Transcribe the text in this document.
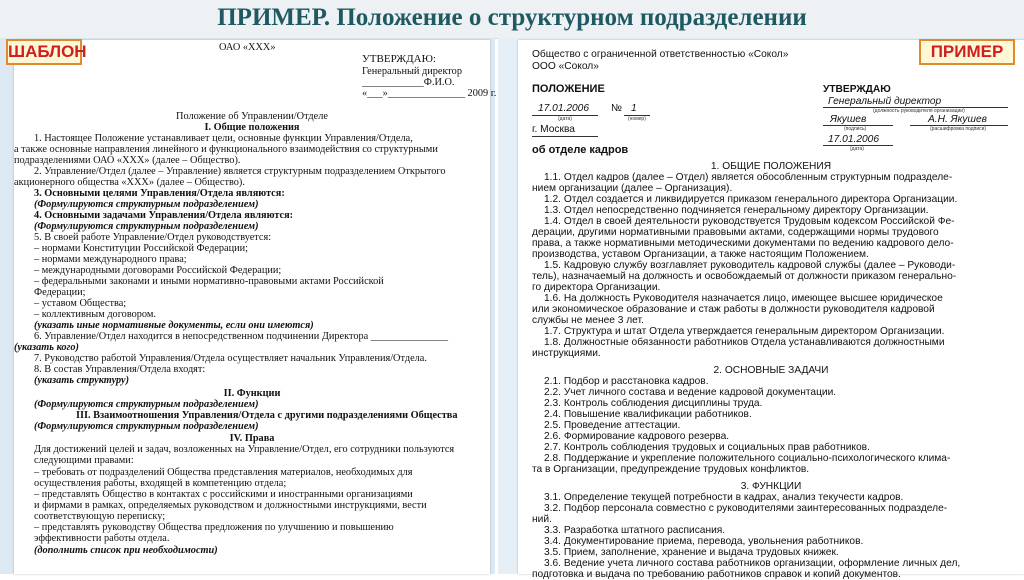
ПРИМЕР. Положение о структурном подразделении
ОАО «ХХХ»
УТВЕРЖДАЮ:
Генеральный директор
____________Ф.И.О.
«___»_______________ 2009 г.
Положение об Управлении/Отделе
I. Общие положения
1. Настоящее Положение устанавливает цели, основные функции Управления/Отдела,
а также основные направления линейного и функционального взаимодействия со структурными
подразделениями ОАО «ХХХ» (далее – Общество).
2. Управление/Отдел (далее – Управление) является структурным подразделением Открытого
акционерного общества «ХХХ» (далее – Общество).
3. Основными целями Управления/Отдела являются:
(Формулируются структурным подразделением)
4. Основными задачами Управления/Отдела являются:
(Формулируются структурным подразделением)
5. В своей работе Управление/Отдел руководствуется:
– нормами Конституции Российской Федерации;
– нормами международного права;
– международными договорами Российской Федерации;
– федеральными законами и иными нормативно-правовыми актами Российской
Федерации;
– уставом Общества;
– коллективным договором.
(указать иные нормативные документы, если они имеются)
6. Управление/Отдел находится в непосредственном подчинении Директора _______________
(указать кого)
7. Руководство работой Управления/Отдела осуществляет начальник Управления/Отдела.
8. В состав Управления/Отдела входят:
(указать структуру)
II. Функции
(Формулируются структурным подразделением)
III. Взаимоотношения Управления/Отдела с другими подразделениями Общества
(Формулируются структурным подразделением)
IV. Права
Для достижений целей и задач, возложенных на Управление/Отдел, его сотрудники пользуются
следующими правами:
– требовать от подразделений Общества представления материалов, необходимых для
осуществления работы, входящей в компетенцию отдела;
– представлять Общество в контактах с российскими и иностранными организациями
и фирмами в рамках, определяемых руководством и должностными инструкциями, вести
соответствующую переписку;
– представлять руководству Общества предложения по улучшению и повышению
эффективности работы отдела.
(дополнить список при необходимости)
Общество с ограниченной ответственностью «Сокол»
ООО «Сокол»
ПОЛОЖЕНИЕ
17.01.2006
(дата)
№ 1
(номер)
г. Москва
об отделе кадров
УТВЕРЖДАЮ
Генеральный директор
(должность руководителя организации)
Якушев
(подпись)
А.Н. Якушев
(расшифровка подписи)
17.01.2006
(дата)
1. ОБЩИЕ ПОЛОЖЕНИЯ
1.1. Отдел кадров (далее – Отдел) является обособленным структурным подразделе-
нием организации (далее – Организация).
1.2. Отдел создается и ликвидируется приказом генерального директора Организации.
1.3. Отдел непосредственно подчиняется генеральному директору Организации.
1.4. Отдел в своей деятельности руководствуется Трудовым кодексом Российской Фе-
дерации, другими нормативными правовыми актами, содержащими нормы трудового
права, а также нормативными методическими документами по ведению кадрового дело-
производства, уставом Организации, а также настоящим Положением.
1.5. Кадровую службу возглавляет руководитель кадровой службы (далее – Руководи-
тель), назначаемый на должность и освобождаемый от должности приказом генерально-
го директора Организации.
1.6. На должность Руководителя назначается лицо, имеющее высшее юридическое
или экономическое образование и стаж работы в должности руководителя кадровой
службы не менее 3 лет.
1.7. Структура и штат Отдела утверждается генеральным директором Организации.
1.8. Должностные обязанности работников Отдела устанавливаются должностными
инструкциями.
2. ОСНОВНЫЕ ЗАДАЧИ
2.1. Подбор и расстановка кадров.
2.2. Учет личного состава и ведение кадровой документации.
2.3. Контроль соблюдения дисциплины труда.
2.4. Повышение квалификации работников.
2.5. Проведение аттестации.
2.6. Формирование кадрового резерва.
2.7. Контроль соблюдения трудовых и социальных прав работников.
2.8. Поддержание и укрепление положительного социально-психологического клима-
та в Организации, предупреждение трудовых конфликтов.
3. ФУНКЦИИ
3.1. Определение текущей потребности в кадрах, анализ текучести кадров.
3.2. Подбор персонала совместно с руководителями заинтересованных подразделе-
ний.
3.3. Разработка штатного расписания.
3.4. Документирование приема, перевода, увольнения работников.
3.5. Прием, заполнение, хранение и выдача трудовых книжек.
3.6. Ведение учета личного состава работников организации, оформление личных дел,
подготовка и выдача по требованию работников справок и копий документов.
ШАБЛОН	ПРИМЕР
